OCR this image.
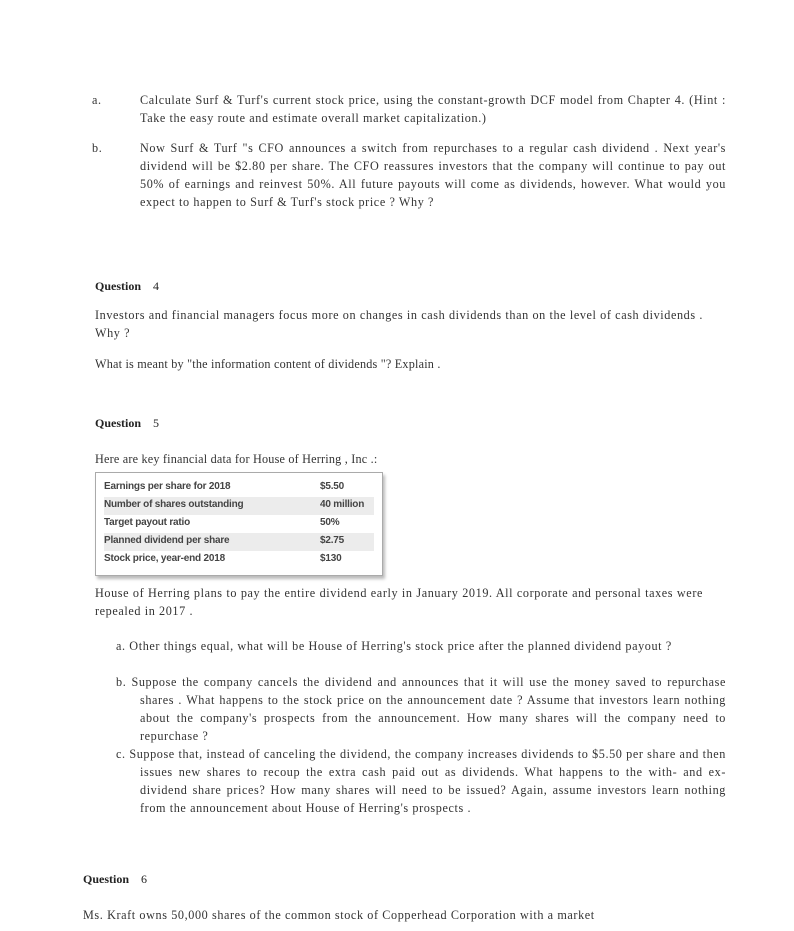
a.	Calculate Surf & Turf's current stock price, using the constant-growth DCF model from Chapter 4. (Hint : Take the easy route and estimate overall market capitalization.)
b.	Now Surf & Turf "s CFO announces a switch from repurchases to a regular cash dividend . Next year's dividend will be $2.80 per share. The CFO reassures investors that the company will continue to pay out 50% of earnings and reinvest 50%. All future payouts will come as dividends, however. What would you expect to happen to Surf & Turf's stock price ? Why ?
Question 4
Investors and financial managers focus more on changes in cash dividends than on the level of cash dividends . Why ?
What is meant by "the information content of dividends "? Explain .
Question 5
Here are key financial data for House of Herring , Inc .:
Earnings per share for 2018	$5.50
Number of shares outstanding	40 million
Target payout ratio	50%
Planned dividend per share	$2.75
Stock price, year-end 2018	$130
House of Herring plans to pay the entire dividend early in January 2019. All corporate and personal taxes were repealed in 2017 .
a. Other things equal, what will be House of Herring's stock price after the planned dividend payout ?
b. Suppose the company cancels the dividend and announces that it will use the money saved to repurchase shares . What happens to the stock price on the announcement date ? Assume that investors learn nothing about the company's prospects from the announcement. How many shares will the company need to repurchase ?
c. Suppose that, instead of canceling the dividend, the company increases dividends to $5.50 per share and then issues new shares to recoup the extra cash paid out as dividends. What happens to the with- and ex-dividend share prices? How many shares will need to be issued? Again, assume investors learn nothing from the announcement about House of Herring's prospects .
Question 6
Ms. Kraft owns 50,000 shares of the common stock of Copperhead Corporation with a market
